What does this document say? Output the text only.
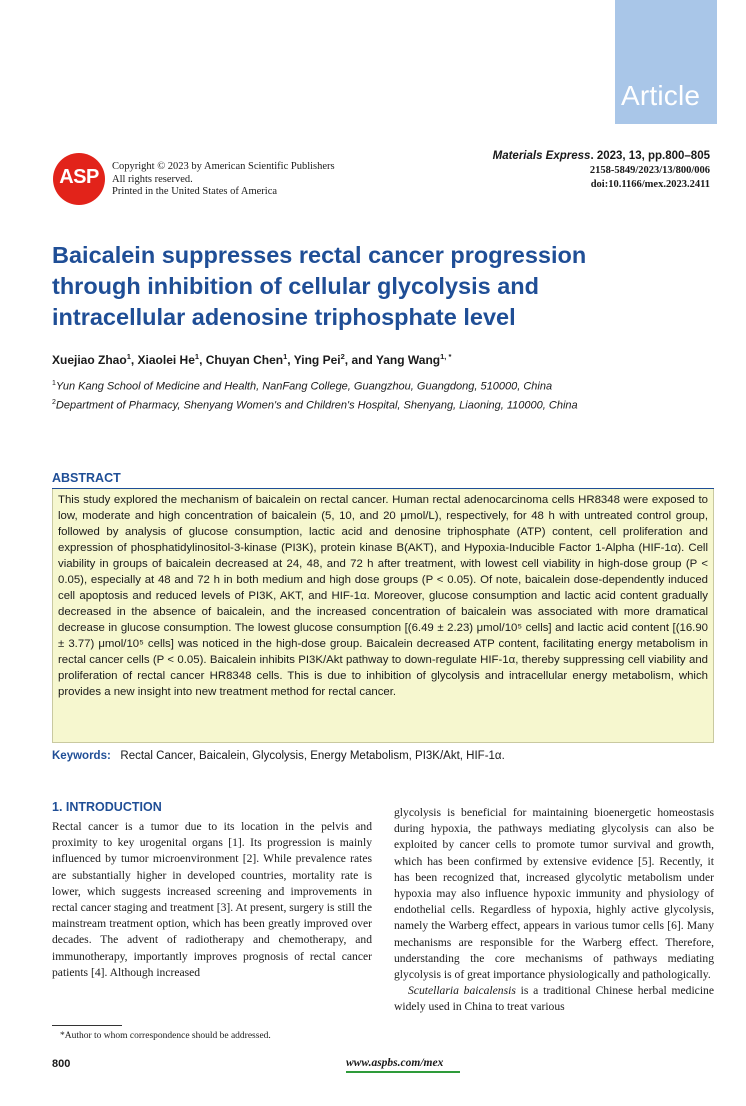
Article
ASP	Copyright © 2023 by American Scientific Publishers
All rights reserved.
Printed in the United States of America
Materials Express. 2023, 13, pp.800–805
2158-5849/2023/13/800/006
doi:10.1166/mex.2023.2411
Baicalein suppresses rectal cancer progression
through inhibition of cellular glycolysis and
intracellular adenosine triphosphate level
Xuejiao Zhao$^1$, Xiaolei He$^1$, Chuyan Chen$^1$, Ying Pei$^2$, and Yang Wang$^{1, *}$
$^1$Yun Kang School of Medicine and Health, NanFang College, Guangzhou, Guangdong, 510000, China
$^2$Department of Pharmacy, Shenyang Women's and Children's Hospital, Shenyang, Liaoning, 110000, China
ABSTRACT
This study explored the mechanism of baicalein on rectal cancer. Human rectal adenocarcinoma cells HR8348 were exposed to low, moderate and high concentration of baicalein (5, 10, and 20 μmol/L), respectively, for 48 h with untreated control group, followed by analysis of glucose consumption, lactic acid and denosine triphosphate (ATP) content, cell proliferation and expression of phosphatidylinositol-3-kinase (PI3K), protein kinase B(AKT), and Hypoxia-Inducible Factor 1-Alpha (HIF-1α). Cell viability in groups of baicalein decreased at 24, 48, and 72 h after treatment, with lowest cell viability in high-dose group (P < 0.05), especially at 48 and 72 h in both medium and high dose groups (P < 0.05). Of note, baicalein dose-dependently induced cell apoptosis and reduced levels of PI3K, AKT, and HIF-1α. Moreover, glucose consumption and lactic acid content gradually decreased in the absence of baicalein, and the increased concentration of baicalein was associated with more dramatical decrease in glucose consumption. The lowest glucose consumption [(6.49 ± 2.23) μmol/10⁵ cells] and lactic acid content [(16.90 ± 3.77) μmol/10⁵ cells] was noticed in the high-dose group. Baicalein decreased ATP content, facilitating energy metabolism in rectal cancer cells (P < 0.05). Baicalein inhibits PI3K/Akt pathway to down-regulate HIF-1α, thereby suppressing cell viability and proliferation of rectal cancer HR8348 cells. This is due to inhibition of glycolysis and intracellular energy metabolism, which provides a new insight into new treatment method for rectal cancer.
Keywords: Rectal Cancer, Baicalein, Glycolysis, Energy Metabolism, PI3K/Akt, HIF-1α.
1. INTRODUCTION
Rectal cancer is a tumor due to its location in the pelvis and proximity to key urogenital organs [1]. Its progression is mainly influenced by tumor microenvironment [2]. While prevalence rates are substantially higher in developed countries, mortality rate is lower, which suggests increased screening and improvements in rectal cancer staging and treatment [3]. At present, surgery is still the mainstream treatment option, which has been greatly improved over decades. The advent of radiotherapy and chemotherapy, and immunotherapy, importantly improves prognosis of rectal cancer patients [4]. Although increased

glycolysis is beneficial for maintaining bioenergetic homeostasis during hypoxia, the pathways mediating glycolysis can also be exploited by cancer cells to promote tumor survival and growth, which has been confirmed by extensive evidence [5]. Recently, it has been recognized that, increased glycolytic metabolism under hypoxia may also influence hypoxic immunity and physiology of endothelial cells. Regardless of hypoxia, highly active glycolysis, namely the Warberg effect, appears in various tumor cells [6]. Many mechanisms are responsible for the Warberg effect. Therefore, understanding the core mechanisms of pathways mediating glycolysis is of great importance physiologically and pathologically.

Scutellaria baicalensis is a traditional Chinese herbal medicine widely used in China to treat various

*Author to whom correspondence should be addressed.
800	www.aspbs.com/mex
